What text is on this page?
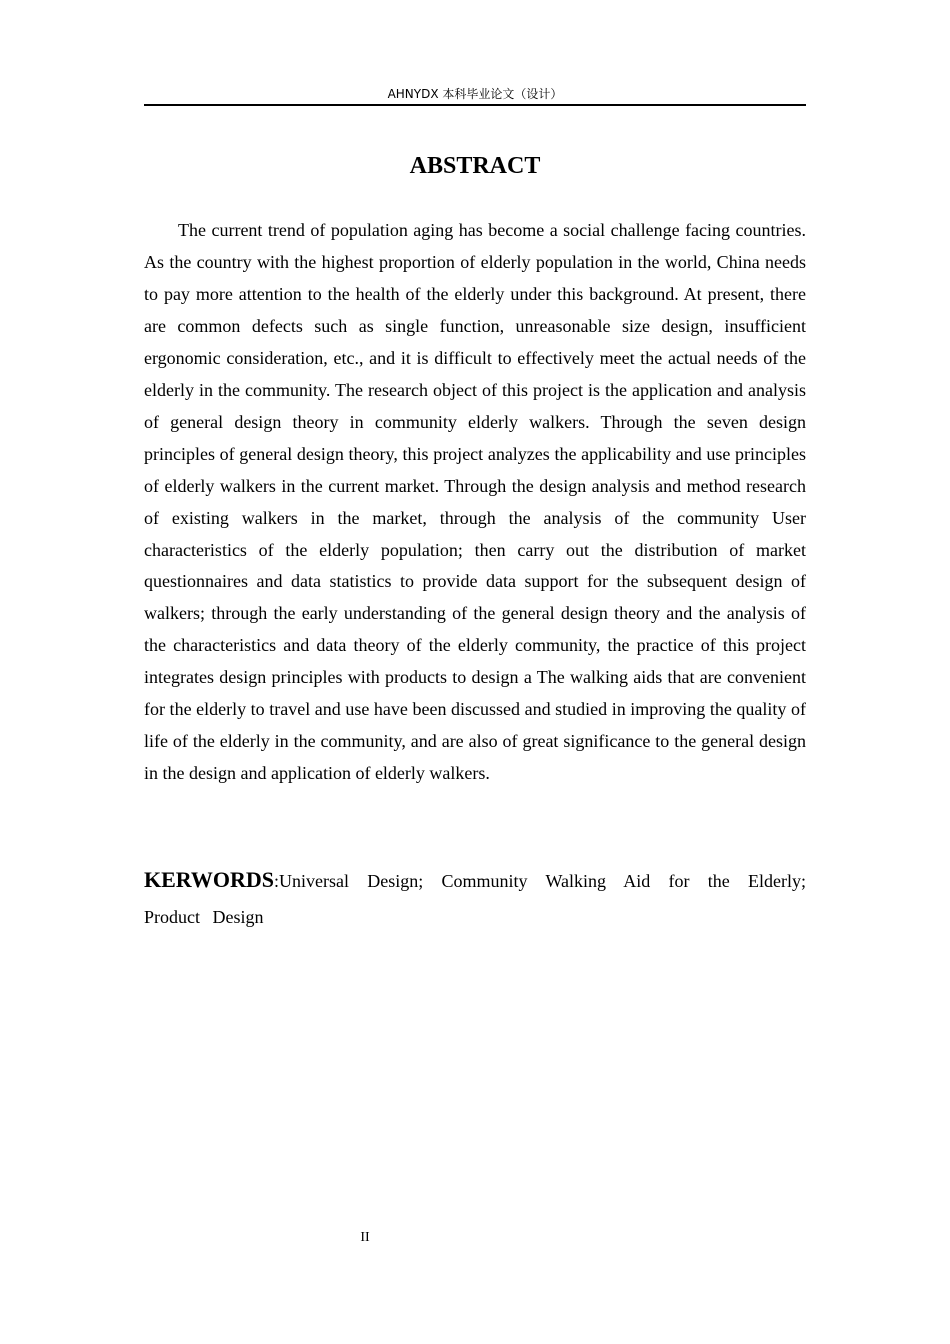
AHNYDX 本科毕业论文（设计）
ABSTRACT

The current trend of population aging has become a social challenge facing countries. As the country with the highest proportion of elderly population in the world, China needs to pay more attention to the health of the elderly under this background. At present, there are common defects such as single function, unreasonable size design, insufficient ergonomic consideration, etc., and it is difficult to effectively meet the actual needs of the elderly in the community. The research object of this project is the application and analysis of general design theory in community elderly walkers. Through the seven design principles of general design theory, this project analyzes the applicability and use principles of elderly walkers in the current market. Through the design analysis and method research of existing walkers in the market, through the analysis of the community User characteristics of the elderly population; then carry out the distribution of market questionnaires and data statistics to provide data support for the subsequent design of walkers; through the early understanding of the general design theory and the analysis of the characteristics and data theory of the elderly community, the practice of this project integrates design principles with products to design a The walking aids that are convenient for the elderly to travel and use have been discussed and studied in improving the quality of life of the elderly in the community, and are also of great significance to the general design in the design and application of elderly walkers.

KERWORDS:Universal Design; Community Walking Aid for the Elderly; Product Design

II
